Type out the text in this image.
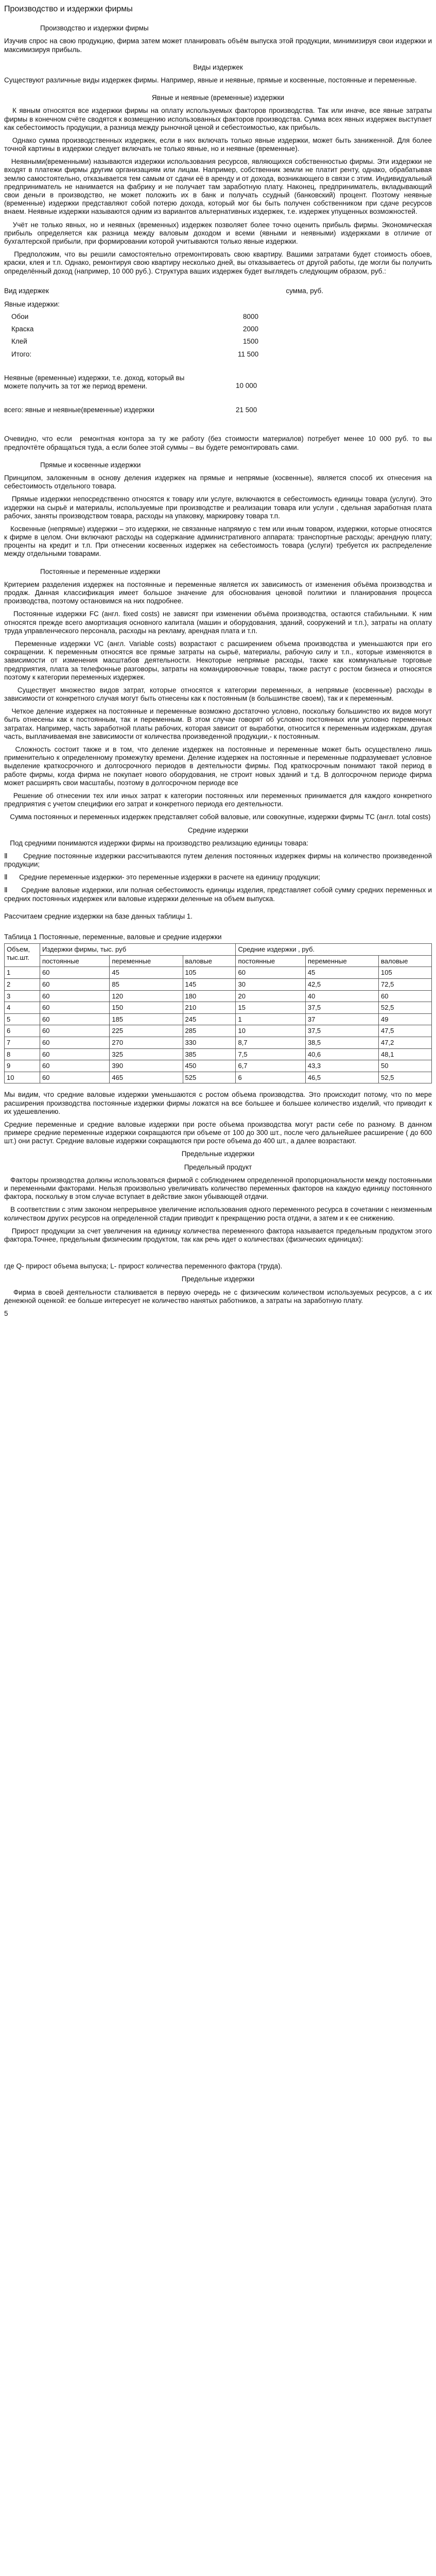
Производство и издержки фирмы

Производство и издержки фирмы

Изучив спрос на свою продукцию, фирма затем может планировать объём выпуска этой продукции, минимизируя свои издержки и максимизируя прибыль.

Виды издержек

Существуют различные виды издержек фирмы. Например, явные и неявные, прямые и косвенные, постоянные и переменные.

Явные и неявные (временные) издержки

К явным относятся все издержки фирмы на оплату используемых факторов производства. Так или иначе, все явные затраты фирмы в конечном счёте сводятся к возмещению использованных факторов производства. Сумма всех явных издержек выступает как себестоимость продукции, а разница между рыночной ценой и себестоимостью, как прибыль.

Однако сумма производственных издержек, если в них включать только явные издержки, может быть заниженной. Для более точной картины в издержки следует включать не только явные, но и неявные (временные).

Неявными(временными) называются издержки использования ресурсов, являющихся собственностью фирмы. Эти издержки не входят в платежи фирмы другим организациям или лицам. Например, собственник земли не платит ренту, однако, обрабатывая землю самостоятельно, отказывается тем самым от сдачи её в аренду и от дохода, возникающего в связи с этим. Индивидуальный предприниматель не нанимается на фабрику и не получает там заработную плату. Наконец, предприниматель, вкладывающий свои деньги в производство, не может положить их в банк и получать ссудный (банковский) процент. Поэтому неявные (временные) издержки представляют собой потерю дохода, который мог бы быть получен собственником при сдаче ресурсов внаем. Неявные издержки называются одним из вариантов альтернативных издержек, т.е. издержек упущенных возможностей.

Учёт не только явных, но и неявных (временных) издержек позволяет более точно оценить прибыль фирмы. Экономическая прибыль определяется как разница между валовым доходом и всеми (явными и неявными) издержками в отличие от бухгалтерской прибыли, при формировании которой учитываются только явные издержки.

Предположим, что вы решили самостоятельно отремонтировать свою квартиру. Вашими затратами будет стоимость обоев, краски, клея и т.п. Однако, ремонтируя свою квартиру несколько дней, вы отказываетесь от другой работы, где могли бы получить определённый доход (например, 10 000 руб.). Структура ваших издержек будет выглядеть следующим образом, руб.:

Вид издержек	сумма, руб.
Явные издержки:
Обои	8000
Краска	2000
Клей	1500
Итого:	11 500
Неявные (временные) издержки, т.е. доход, который вы
можете получить за тот же период времени.	10 000
всего: явные и неявные(временные) издержки	21 500

Очевидно, что если  ремонтная контора за ту же работу (без стоимости материалов) потребует менее 10 000 руб. то вы предпочтёте обращаться туда, а если более этой суммы – вы будете ремонтировать сами.

Прямые и косвенные издержки

Принципом, заложенным в основу деления издержек на прямые и непрямые (косвенные), является способ их отнесения на себестоимость отдельного товара.

Прямые издержки непосредственно относятся к товару или услуге, включаются в себестоимость единицы товара (услуги). Это издержки на сырьё и материалы, используемые при производстве и реализации товара или услуги , сдельная заработная плата рабочих, заняты производством товара, расходы на упаковку, маркировку товара т.п.

Косвенные (непрямые) издержки – это издержки, не связанные напрямую с тем или иным товаром, издержки, которые относятся  к фирме в целом. Они включают расходы на содержание административного аппарата: транспортные расходы; арендную плату; проценты на кредит и т.п. При отнесении косвенных издержек на себестоимость товара (услуги) требуется их распределение  между отдельными товарами.

Постоянные и переменные издержки

Критерием разделения издержек на постоянные и переменные является их зависимость от изменения объёма производства и продаж. Данная классификация имеет большое значение для обоснования ценовой политики и планирования процесса производства, поэтому остановимся на них подробнее.

Постоянные издержки FC (англ. fixed costs) не зависят при изменении объёма производства, остаются стабильными. К ним относятся прежде всего амортизация основного капитала (машин и оборудования, зданий, сооружений и т.п.), затраты на оплату труда управленческого персонала, расходы на рекламу, арендная плата и т.п.

Переменные издержки VC (англ. Variable costs) возрастают с расширением объема производства и уменьшаются при его сокращении. К переменным относятся все прямые затраты на сырьё, материалы, рабочую силу и т.п., которые изменяются в зависимости от изменения масштабов деятельности. Некоторые непрямые расходы, также как коммунальные торговые предприятия, плата за телефонные разговоры, затраты на командировочные товары, также растут с ростом бизнеса и относятся поэтому к категории переменных издержек.

Существует множество видов затрат, которые относятся к категории переменных, а непрямые (косвенные) расходы в зависимости от конкретного случая могут быть отнесены как к постоянным (в большинстве своем), так и к переменным.

Четкое деление издержек на постоянные и переменные возможно достаточно условно, поскольку большинство их видов могут быть отнесены как к постоянным, так и переменным. В этом случае говорят об условно постоянных или условно переменных затратах. Например, часть заработной платы рабочих, которая зависит от выработки, относится к переменным издержкам, другая часть, выплачиваемая вне зависимости от количества произведенной продукции,- к постоянным.

Сложность состоит также и в том, что деление издержек на постоянные и переменные может быть осуществлено лишь применительно к определенному промежутку времени. Деление издержек на постоянные и переменные подразумевает условное выделение краткосрочного и долгосрочного периодов в деятельности фирмы. Под краткосрочным понимают такой период в работе фирмы, когда фирма не покупает нового оборудования, не строит новых зданий и т.д. В долгосрочном периоде фирма может расширять свои масштабы, поэтому в долгосрочном периоде все

Решение об отнесении тех или иных затрат к категории постоянных или переменных принимается для каждого конкретного предприятия с учетом специфики его затрат и конкретного периода его деятельности.

Сумма постоянных и переменных издержек представляет собой валовые, или совокупные, издержки фирмы TC (англ. total costs)

Средние издержки

Под средними понимаются издержки фирмы на производство реализацию единицы товара:

Ⅱ      Средние постоянные издержки рассчитываются путем деления постоянных издержек фирмы на количество произведенной продукции;

Ⅱ      Средние переменные издержки- это переменные издержки в расчете на единицу продукции;

Ⅱ      Средние валовые издержки, или полная себестоимость единицы изделия, представляет собой сумму средних переменных и средних постоянных издержек или валовые издержки деленные на объем выпуска.

Рассчитаем средние издержки на базе данных таблицы 1.

Таблица 1 Постоянные, переменные, валовые и средние издержки
Объем, тыс.шт.	Издержки фирмы, тыс. руб			Средние издержки , руб.		
	постоянные	переменные	валовые	постоянные	переменные	валовые
1	60	45	105	60	45	105
2	60	85	145	30	42,5	72,5
3	60	120	180	20	40	60
4	60	150	210	15	37,5	52,5
5	60	185	245	1	37	49
6	60	225	285	10	37,5	47,5
7	60	270	330	8,7	38,5	47,2
8	60	325	385	7,5	40,6	48,1
9	60	390	450	6,7	43,3	50
10	60	465	525	6	46,5	52,5

Мы видим, что средние валовые издержки уменьшаются с ростом объема производства. Это происходит потому, что по мере расширения производства постоянные издержки фирмы ложатся на все большее и большее количество изделий, что приводит к их удешевлению.

Средние переменные и средние валовые издержки при росте объема производства могут расти себе по разному. В данном примере средние переменные издержки сокращаются при объеме от 100 до 300 шт., после чего дальнейшее расширение ( до 600 шт.) они растут. Средние валовые издержки сокращаются при росте объема до 400 шт., а далее возрастают.

Предельные издержки

Предельный продукт

Факторы производства должны использоваться фирмой с соблюдением определенной пропорциональности между постоянными и переменными факторами. Нельзя произвольно увеличивать количество переменных факторов на каждую единицу постоянного фактора, поскольку в этом случае вступает в действие закон убывающей отдачи.

В соответствии с этим законом непрерывное увеличение использования одного переменного ресурса в сочетании с неизменным количеством других ресурсов на определенной стадии приводит к прекращению роста отдачи, а затем и к ее снижению.

Прирост продукции за счет увеличения на единицу количества переменного фактора называется предельным продуктом этого фактора.Точнее, предельным физическим продуктом, так как речь идет о количествах (физических единицах):

где Q- прирост объема выпуска; L- прирост количества переменного фактора (труда).

Предельные издержки

Фирма в своей деятельности сталкивается в первую очередь не с физическим количеством используемых ресурсов, а с их денежной оценкой: ее больше интересует не количество нанятых работников, а затраты на заработную плату.

5
